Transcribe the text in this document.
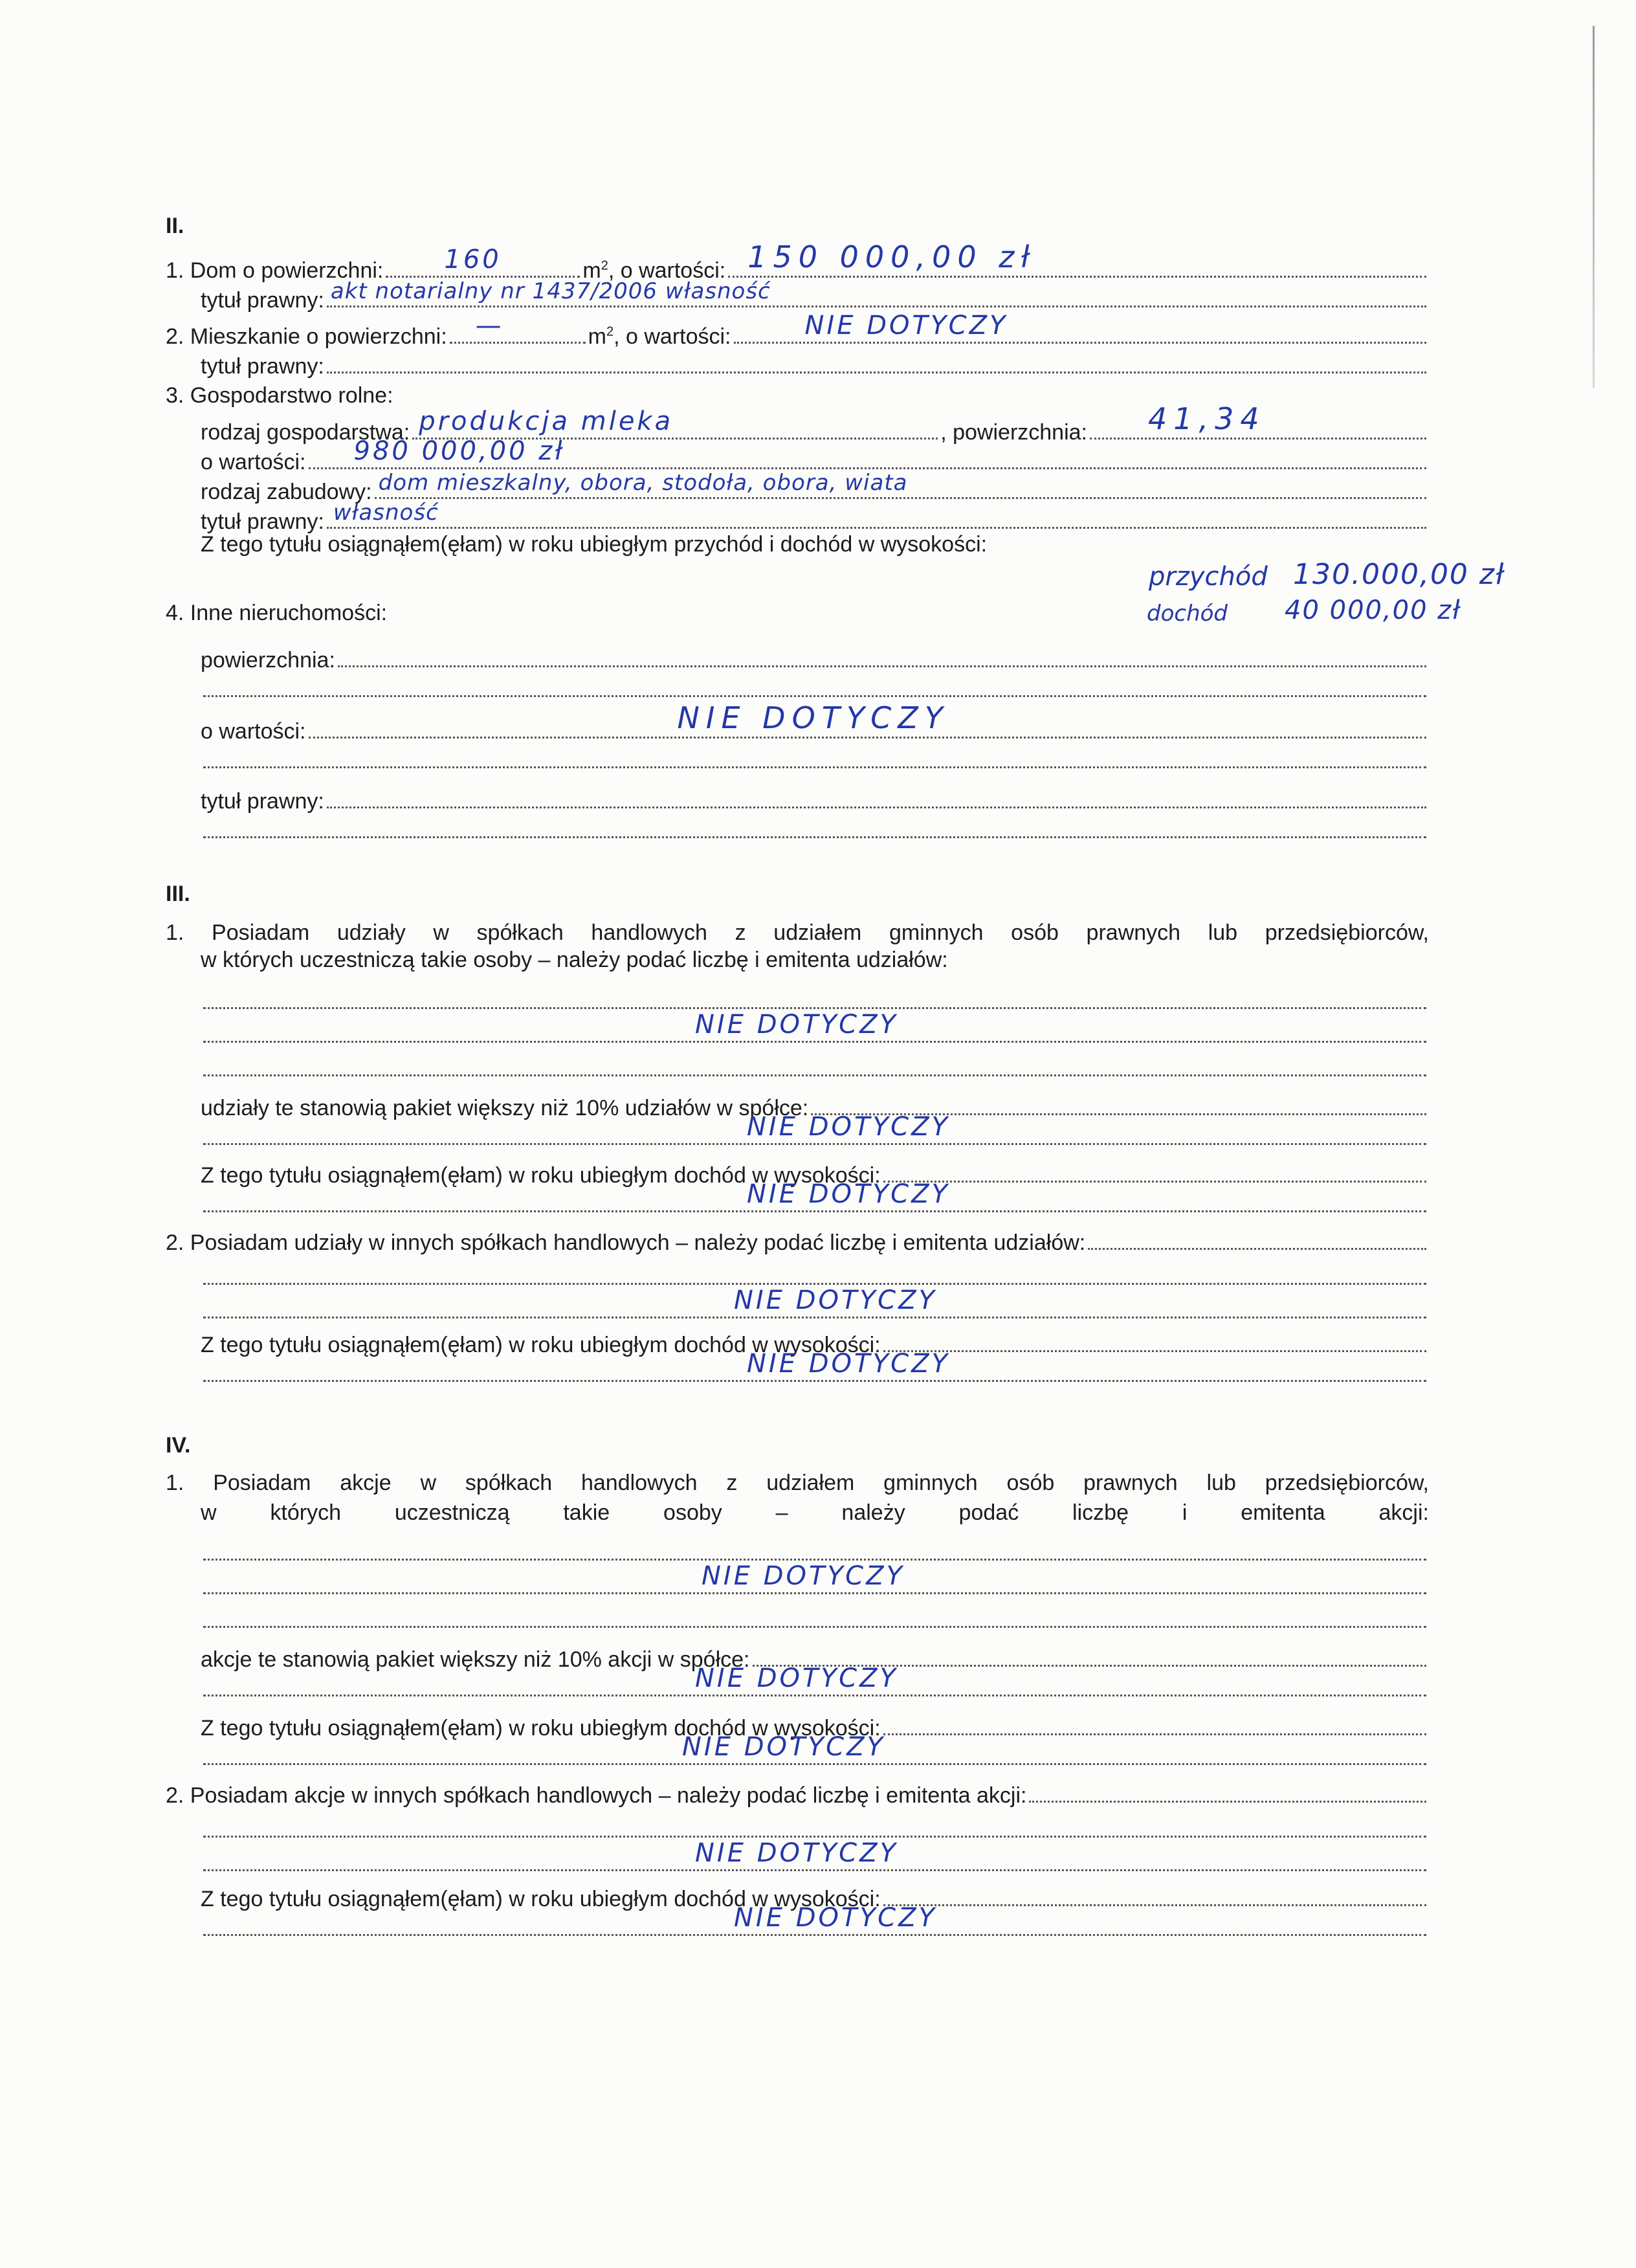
II.
1. Dom o powierzchni: 160	$m^2$ , o wartości: 150 000,00 zł
tytuł prawny: akt notarialny nr 1437/2006 własność
2. Mieszkanie o powierzchni: —	$m^2$ , o wartości:	NIE DOTYCZY
tytuł prawny:
3. Gospodarstwo rolne:
rodzaj gospodarstwa: produkcja mleka	, powierzchnia: 41,34
o wartości: 980 000,00 zł
rodzaj zabudowy: dom mieszkalny, obora, stodoła, obora, wiata
tytuł prawny: własność
Z tego tytułu osiągnąłem(ęłam) w roku ubiegłym przychód i dochód w wysokości:
przychód 130.000,00 zł
dochód 40 000,00 zł
4. Inne nieruchomości:
powierzchnia:
o wartości:	NIE DOTYCZY
tytuł prawny:
III.
1. Posiadam udziały w spółkach handlowych z udziałem gminnych osób prawnych lub przedsiębiorców,
w których uczestniczą takie osoby – należy podać liczbę i emitenta udziałów:
NIE DOTYCZY
udziały te stanowią pakiet większy niż 10% udziałów w spółce:
NIE DOTYCZY
Z tego tytułu osiągnąłem(ęłam) w roku ubiegłym dochód w wysokości:
NIE DOTYCZY
2. Posiadam udziały w innych spółkach handlowych – należy podać liczbę i emitenta udziałów:
NIE DOTYCZY
Z tego tytułu osiągnąłem(ęłam) w roku ubiegłym dochód w wysokości:
NIE DOTYCZY
IV.
1. Posiadam akcje w spółkach handlowych z udziałem gminnych osób prawnych lub przedsiębiorców,
w których uczestniczą takie osoby – należy podać liczbę i emitenta akcji:
NIE DOTYCZY
akcje te stanowią pakiet większy niż 10% akcji w spółce:
NIE DOTYCZY
Z tego tytułu osiągnąłem(ęłam) w roku ubiegłym dochód w wysokości:
NIE DOTYCZY
2. Posiadam akcje w innych spółkach handlowych – należy podać liczbę i emitenta akcji:
NIE DOTYCZY
Z tego tytułu osiągnąłem(ęłam) w roku ubiegłym dochód w wysokości:
NIE DOTYCZY
